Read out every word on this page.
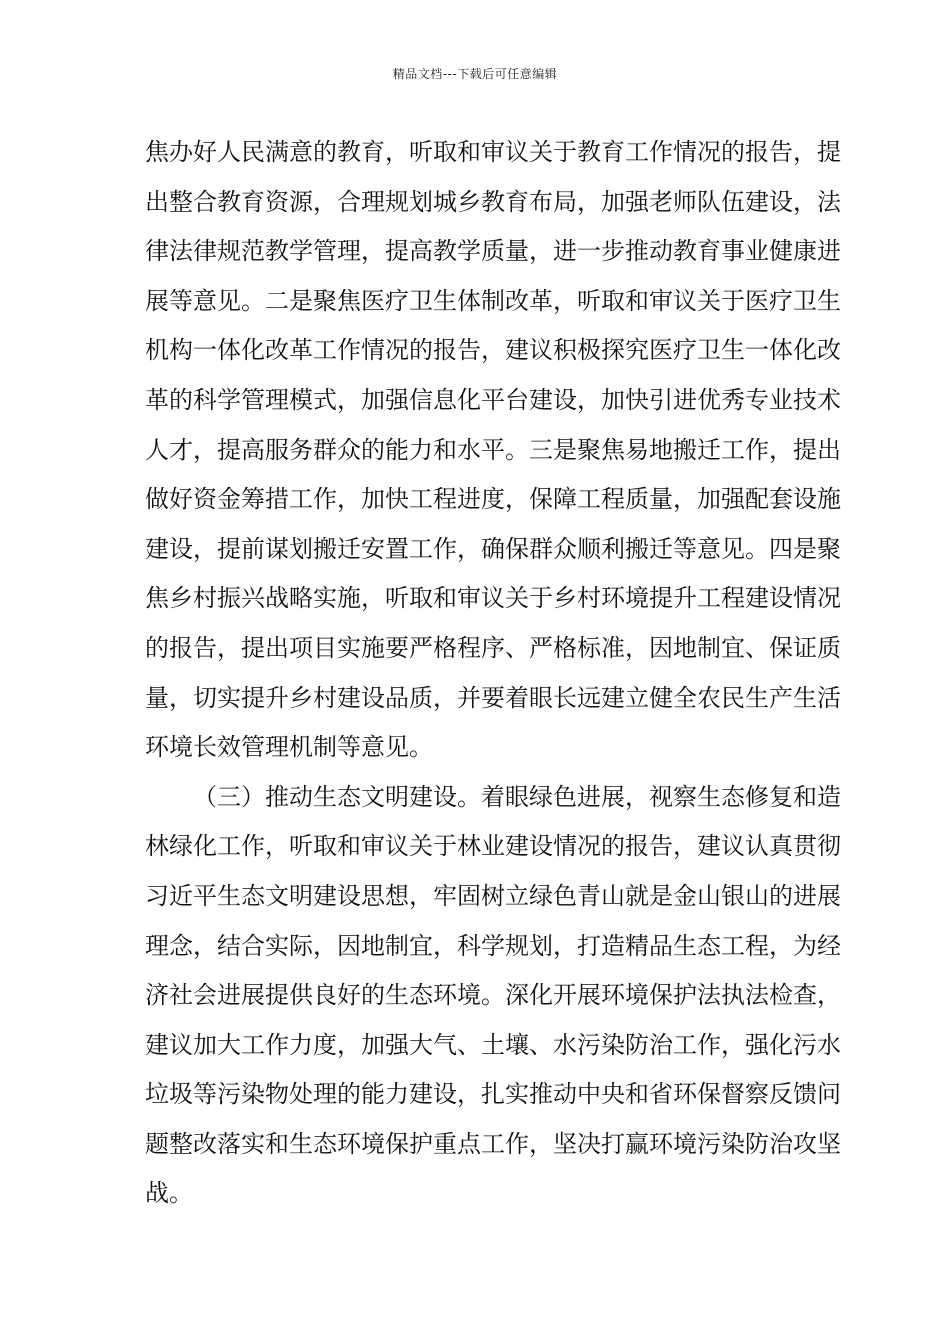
精品文档---下载后可任意编辑
焦办好人民满意的教育，听取和审议关于教育工作情况的报告，提
出整合教育资源，合理规划城乡教育布局，加强老师队伍建设，法
律法律规范教学管理，提高教学质量，进一步推动教育事业健康进
展等意见。二是聚焦医疗卫生体制改革，听取和审议关于医疗卫生
机构一体化改革工作情况的报告，建议积极探究医疗卫生一体化改
革的科学管理模式，加强信息化平台建设，加快引进优秀专业技术
人才，提高服务群众的能力和水平。三是聚焦易地搬迁工作，提出
做好资金筹措工作，加快工程进度，保障工程质量，加强配套设施
建设，提前谋划搬迁安置工作，确保群众顺利搬迁等意见。四是聚
焦乡村振兴战略实施，听取和审议关于乡村环境提升工程建设情况
的报告，提出项目实施要严格程序、严格标准，因地制宜、保证质
量，切实提升乡村建设品质，并要着眼长远建立健全农民生产生活
环境长效管理机制等意见。
（三）推动生态文明建设。着眼绿色进展，视察生态修复和造
林绿化工作，听取和审议关于林业建设情况的报告，建议认真贯彻
习近平生态文明建设思想，牢固树立绿色青山就是金山银山的进展
理念，结合实际，因地制宜，科学规划，打造精品生态工程，为经
济社会进展提供良好的生态环境。深化开展环境保护法执法检查，
建议加大工作力度，加强大气、土壤、水污染防治工作，强化污水
垃圾等污染物处理的能力建设，扎实推动中央和省环保督察反馈问
题整改落实和生态环境保护重点工作，坚决打赢环境污染防治攻坚
战。
